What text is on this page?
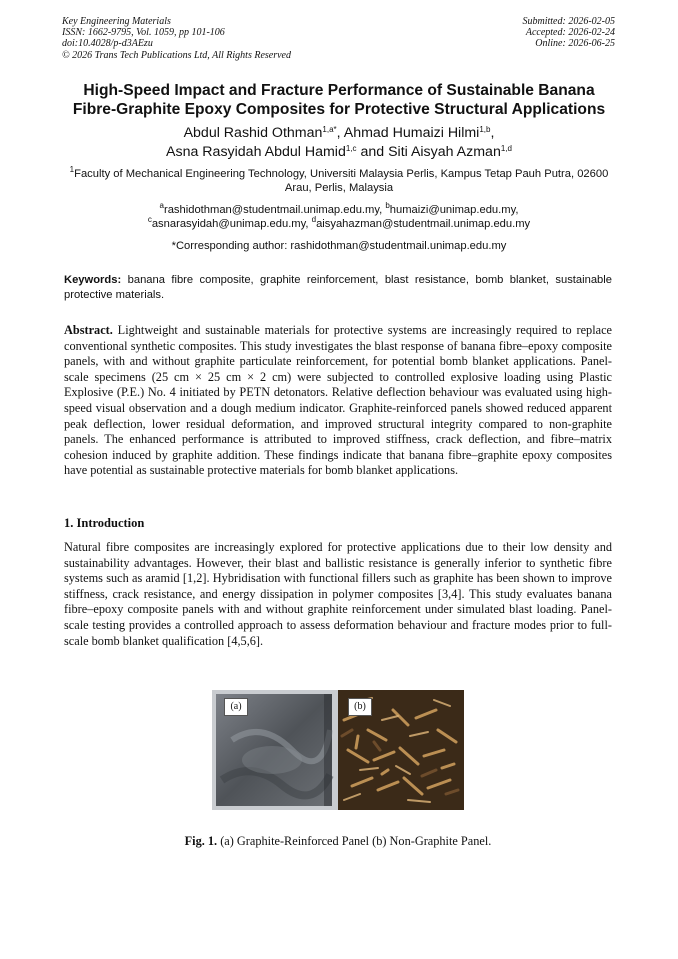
Key Engineering Materials
ISSN: 1662-9795, Vol. 1059, pp 101-106
doi:10.4028/p-d3AEzu
© 2026 Trans Tech Publications Ltd, All Rights Reserved
Submitted: 2026-02-05
Accepted: 2026-02-24
Online: 2026-06-25
High-Speed Impact and Fracture Performance of Sustainable Banana
Fibre-Graphite Epoxy Composites for Protective Structural Applications
Abdul Rashid Othman$^{1,a*}$, Ahmad Humaizi Hilmi$^{1,b}$,
Asna Rasyidah Abdul Hamid$^{1,c}$ and Siti Aisyah Azman$^{1,d}$
$^1$Faculty of Mechanical Engineering Technology, Universiti Malaysia Perlis, Kampus Tetap Pauh Putra, 02600 Arau, Perlis, Malaysia
$^a$rashidothman@studentmail.unimap.edu.my, $^b$humaizi@unimap.edu.my,
$^c$asnarasyidah@unimap.edu.my, $^d$aisyahazman@studentmail.unimap.edu.my
*Corresponding author: rashidothman@studentmail.unimap.edu.my
Keywords: banana fibre composite, graphite reinforcement, blast resistance, bomb blanket, sustainable protective materials.
Abstract. Lightweight and sustainable materials for protective systems are increasingly required to replace conventional synthetic composites. This study investigates the blast response of banana fibre–epoxy composite panels, with and without graphite particulate reinforcement, for potential bomb blanket applications. Panel-scale specimens (25 cm × 25 cm × 2 cm) were subjected to controlled explosive loading using Plastic Explosive (P.E.) No. 4 initiated by PETN detonators. Relative deflection behaviour was evaluated using high-speed visual observation and a dough medium indicator. Graphite-reinforced panels showed reduced apparent peak deflection, lower residual deformation, and improved structural integrity compared to non-graphite panels. The enhanced performance is attributed to improved stiffness, crack deflection, and fibre–matrix cohesion induced by graphite addition. These findings indicate that banana fibre–graphite epoxy composites have potential as sustainable protective materials for bomb blanket applications.
1. Introduction
Natural fibre composites are increasingly explored for protective applications due to their low density and sustainability advantages. However, their blast and ballistic resistance is generally inferior to synthetic fibre systems such as aramid [1,2]. Hybridisation with functional fillers such as graphite has been shown to improve stiffness, crack resistance, and energy dissipation in polymer composites [3,4]. This study evaluates banana fibre–epoxy composite panels with and without graphite reinforcement under simulated blast loading. Panel-scale testing provides a controlled approach to assess deformation behaviour and fracture modes prior to full-scale bomb blanket qualification [4,5,6].
(a)	(b)
Fig. 1. (a) Graphite-Reinforced Panel (b) Non-Graphite Panel.
